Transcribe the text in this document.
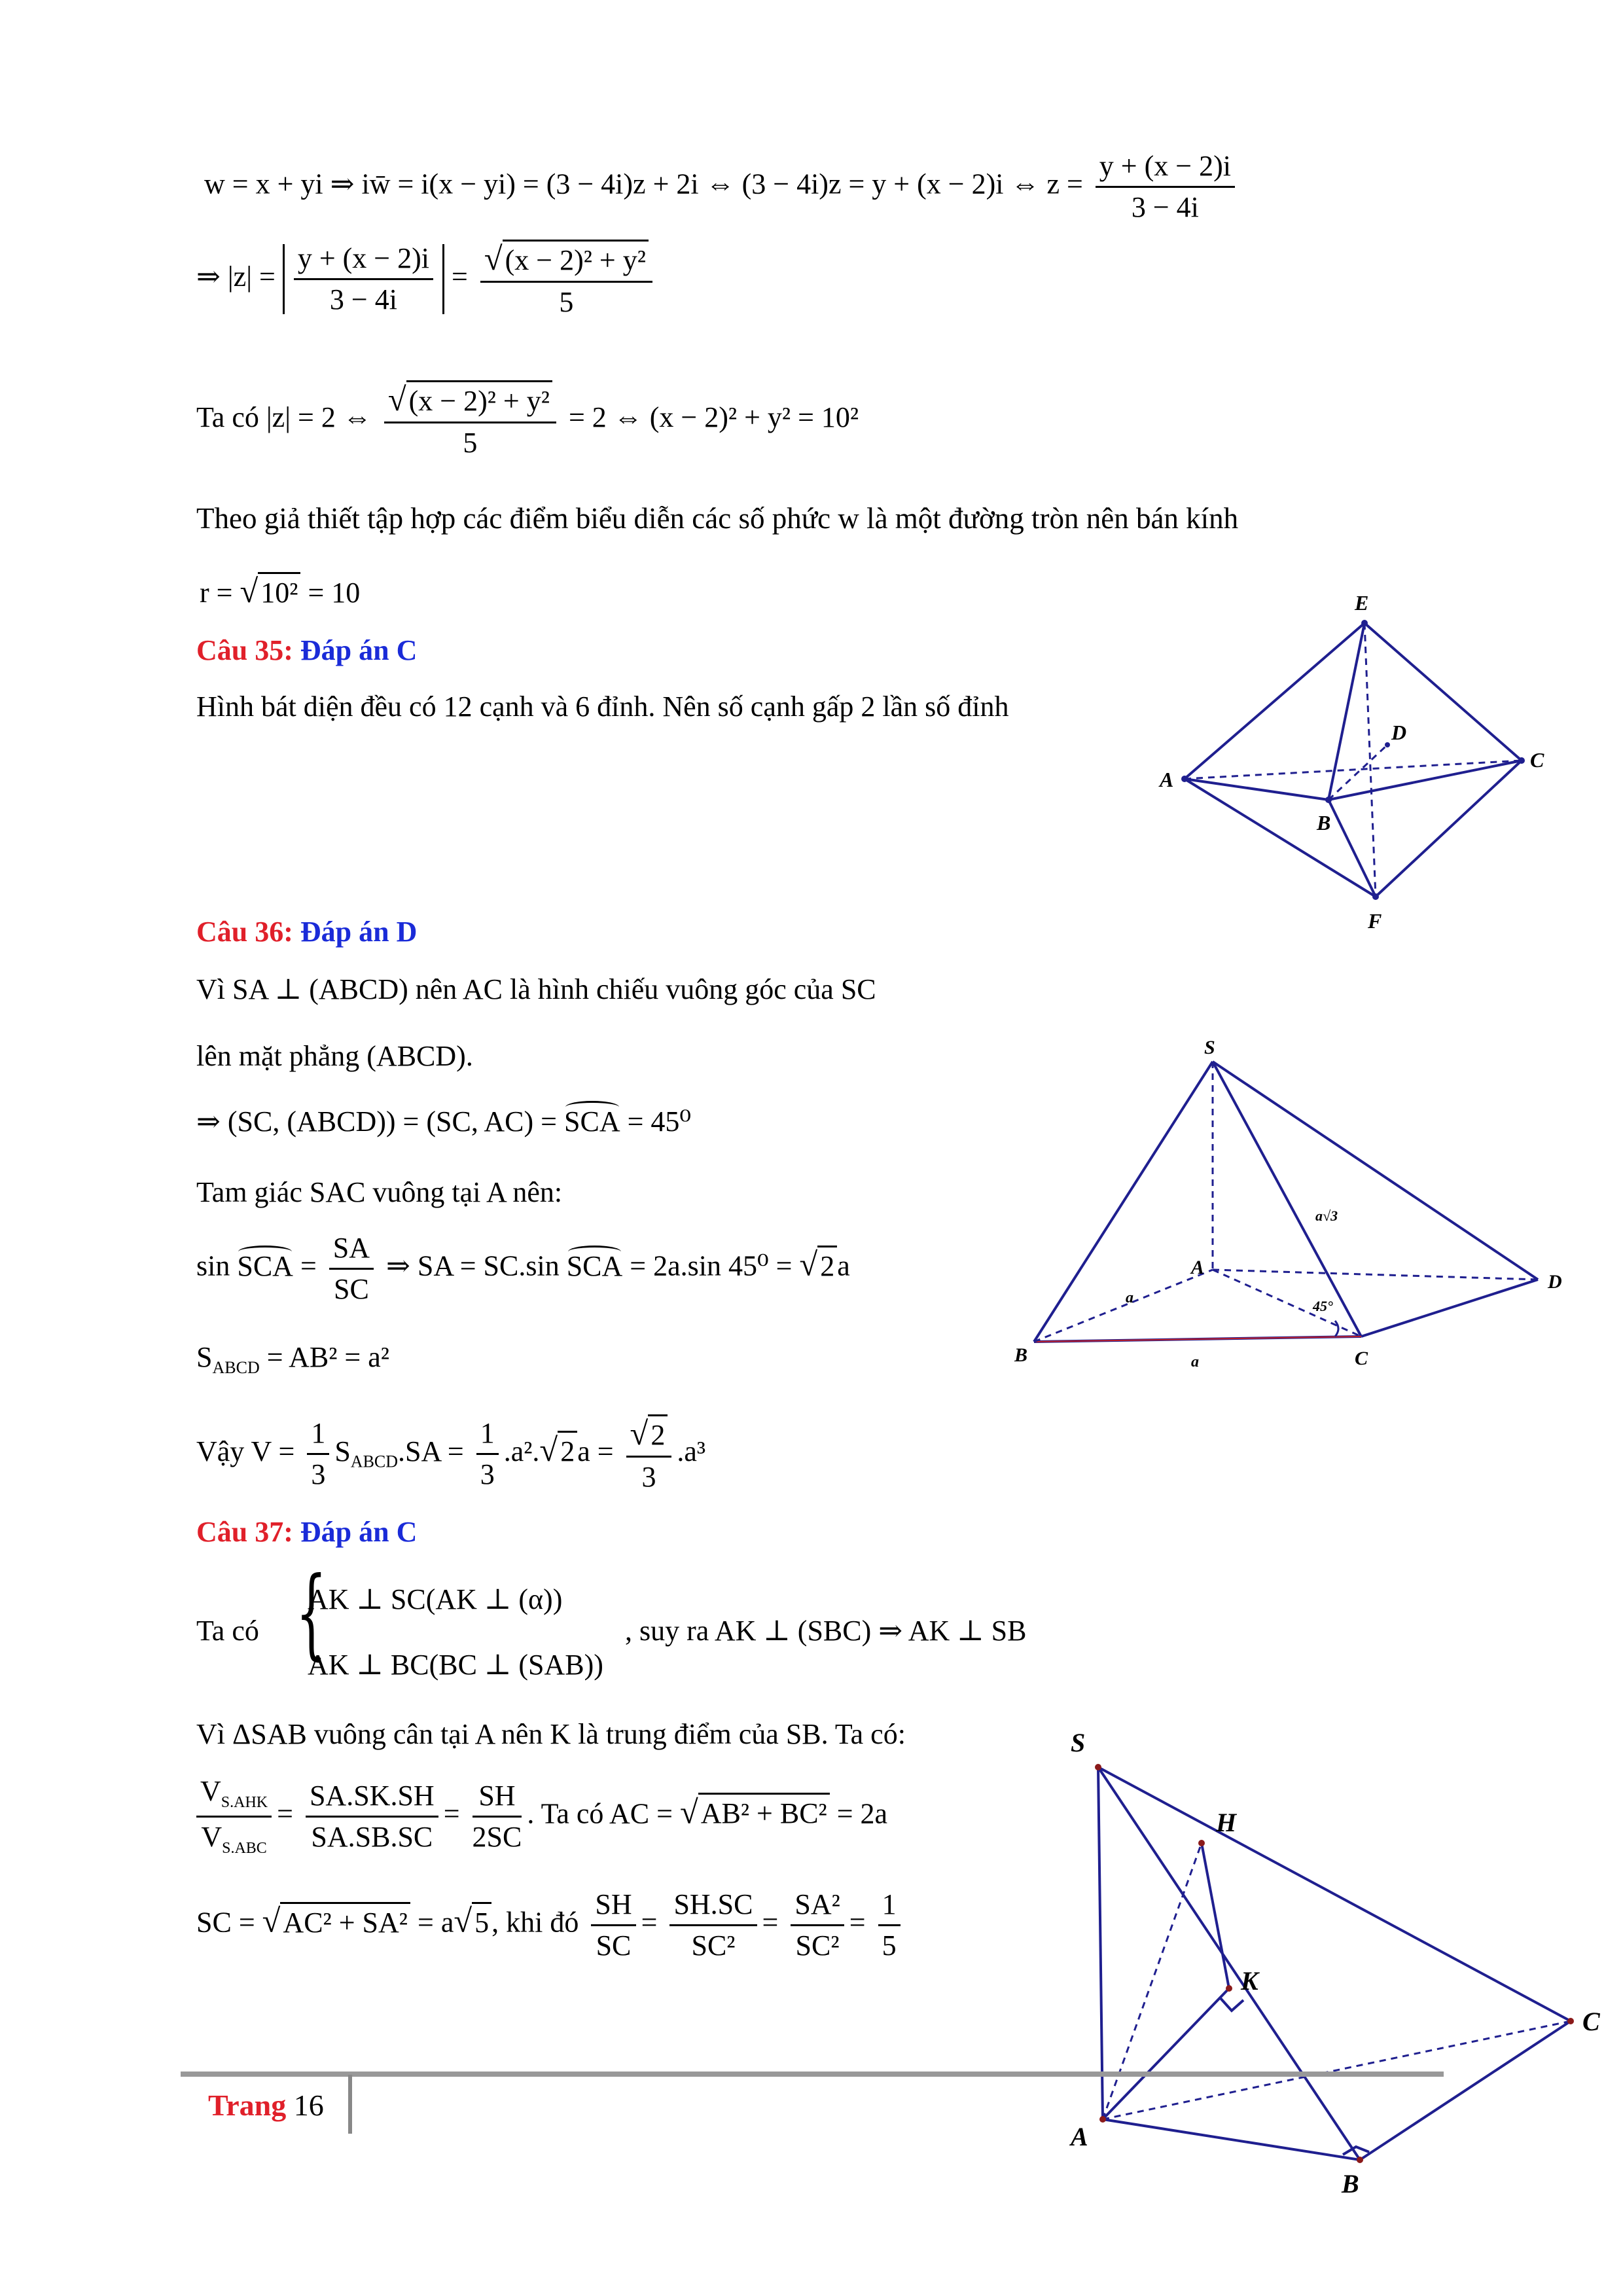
w = x + yi ⇒ iw̄ = i(x − yi) = (3 − 4i)z + 2i ⇔ (3 − 4i)z = y + (x − 2)i ⇔ $z = \frac{y + (x - 2)i}{3 - 4i}$
⇒ $|z| = \frac{y + (x - 2)i}{3 - 4i} = \frac{\text{√(x − 2)² + y²}}{5}$
Ta có |z| = 2 ⇔ $\frac{\text{√(x − 2)² + y²}}{5} = 2$ ⇔ (x − 2)² + y² = 10²
Theo giả thiết tập hợp các điểm biểu diễn các số phức w là một đường tròn nên bán kính
r = √10² = 10
Câu 35: Đáp án C
Hình bát diện đều có 12 cạnh và 6 đỉnh. Nên số cạnh gấp 2 lần số đỉnh
E
D
C
A
B
F
Câu 36: Đáp án D
Vì SA ⊥ (ABCD) nên AC là hình chiếu vuông góc của SC
lên mặt phẳng (ABCD).
⇒ (SC, (ABCD)) = (SC, AC) = SCA = 45⁰
Tam giác SAC vuông tại A nên:
sin SCA = $\frac{SA}{SC}$ ⇒ SA = SC.sin SCA = 2a.sin 45⁰ = √2a
$S_{ABCD} = AB^2 = a^2$
Vậy $V = \frac{1}{3} S_{ABCD}.SA = \frac{1}{3} .a^2.√2a = \frac{√2}{3} .a^3$
S
A
B	C
D
a
a
a√3
45°
Câu 37: Đáp án C
Ta có {
AK ⊥ SC(AK ⊥ (α))
AK ⊥ BC(BC ⊥ (SAB))
, suy ra AK ⊥ (SBC) ⇒ AK ⊥ SB
Vì ΔSAB vuông cân tại A nên K là trung điểm của SB. Ta có:
$\frac{V_{S.AHK}}{V_{S.ABC}} = \frac{SA.SK.SH}{SA.SB.SC} = \frac{SH}{2SC}$ . Ta có AC = √AB² + BC² = 2a
SC = √AC² + SA² = a√5, khi đó $\frac{SH}{SC} = \frac{SH.SC}{\text{SC²}} = \frac{\text{SA²}}{\text{SC²}} = \frac{1}{5}$
S
H
K
C
A
B
Trang 16
